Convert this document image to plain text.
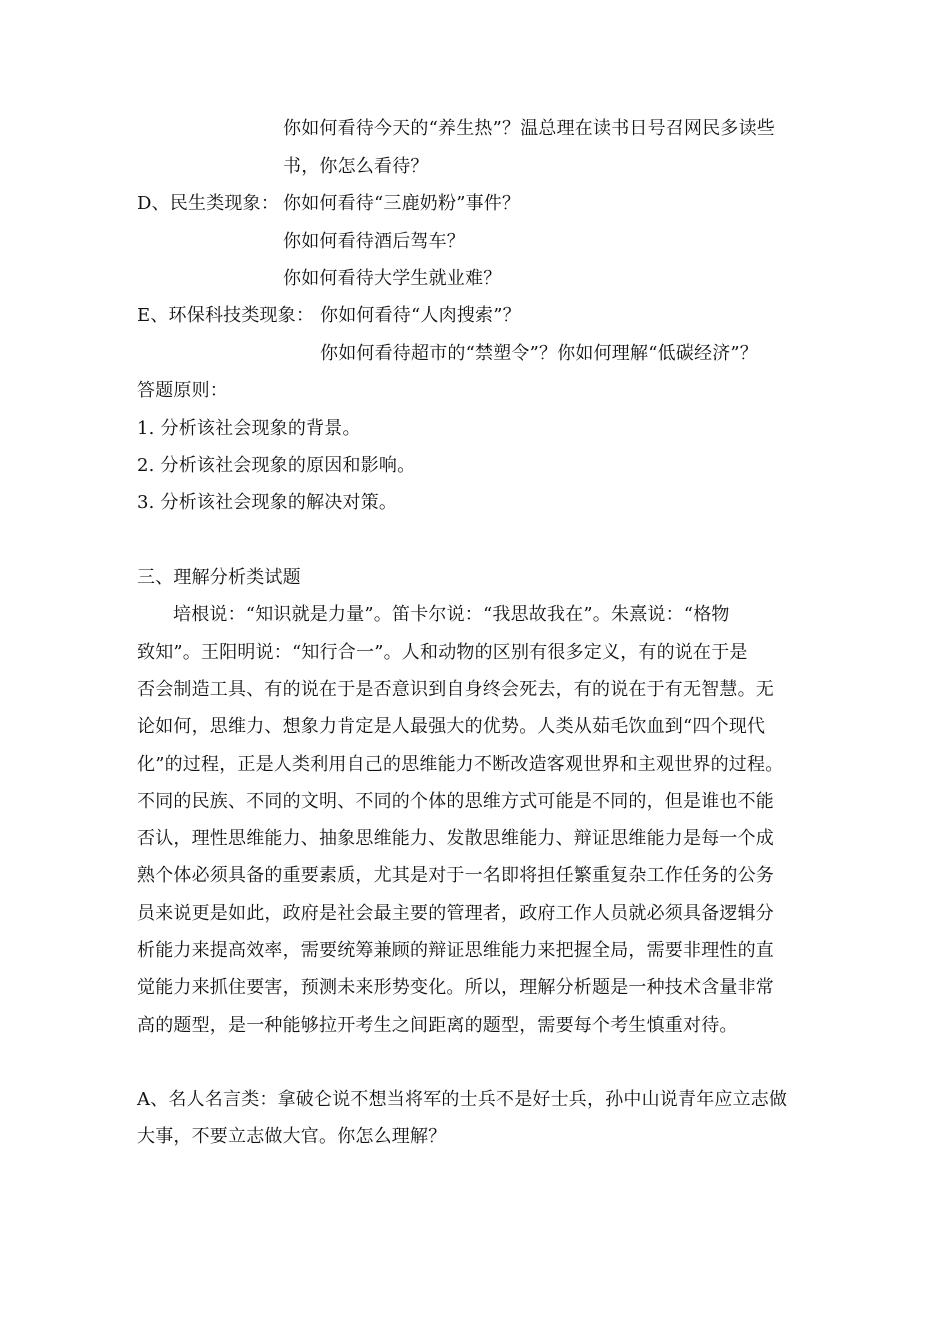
你如何看待今天的“养生热”？温总理在读书日号召网民多读些
书，你怎么看待？
D、民生类现象： 你如何看待“三鹿奶粉”事件？
你如何看待酒后驾车？
你如何看待大学生就业难？
E、环保科技类现象： 你如何看待“人肉搜索”？
你如何看待超市的“禁塑令”？你如何理解“低碳经济”？
答题原则：
1. 分析该社会现象的背景。
2. 分析该社会现象的原因和影响。
3. 分析该社会现象的解决对策。
三、理解分析类试题
培根说：“知识就是力量”。笛卡尔说：“我思故我在”。朱熹说：“格物
致知”。王阳明说：“知行合一”。人和动物的区别有很多定义，有的说在于是
否会制造工具、有的说在于是否意识到自身终会死去，有的说在于有无智慧。无
论如何，思维力、想象力肯定是人最强大的优势。人类从茹毛饮血到“四个现代
化”的过程，正是人类利用自己的思维能力不断改造客观世界和主观世界的过程。
不同的民族、不同的文明、不同的个体的思维方式可能是不同的，但是谁也不能
否认，理性思维能力、抽象思维能力、发散思维能力、辩证思维能力是每一个成
熟个体必须具备的重要素质，尤其是对于一名即将担任繁重复杂工作任务的公务
员来说更是如此，政府是社会最主要的管理者，政府工作人员就必须具备逻辑分
析能力来提高效率，需要统筹兼顾的辩证思维能力来把握全局，需要非理性的直
觉能力来抓住要害，预测未来形势变化。所以，理解分析题是一种技术含量非常
高的题型，是一种能够拉开考生之间距离的题型，需要每个考生慎重对待。
A、名人名言类：拿破仑说不想当将军的士兵不是好士兵，孙中山说青年应立志做
大事，不要立志做大官。你怎么理解？
